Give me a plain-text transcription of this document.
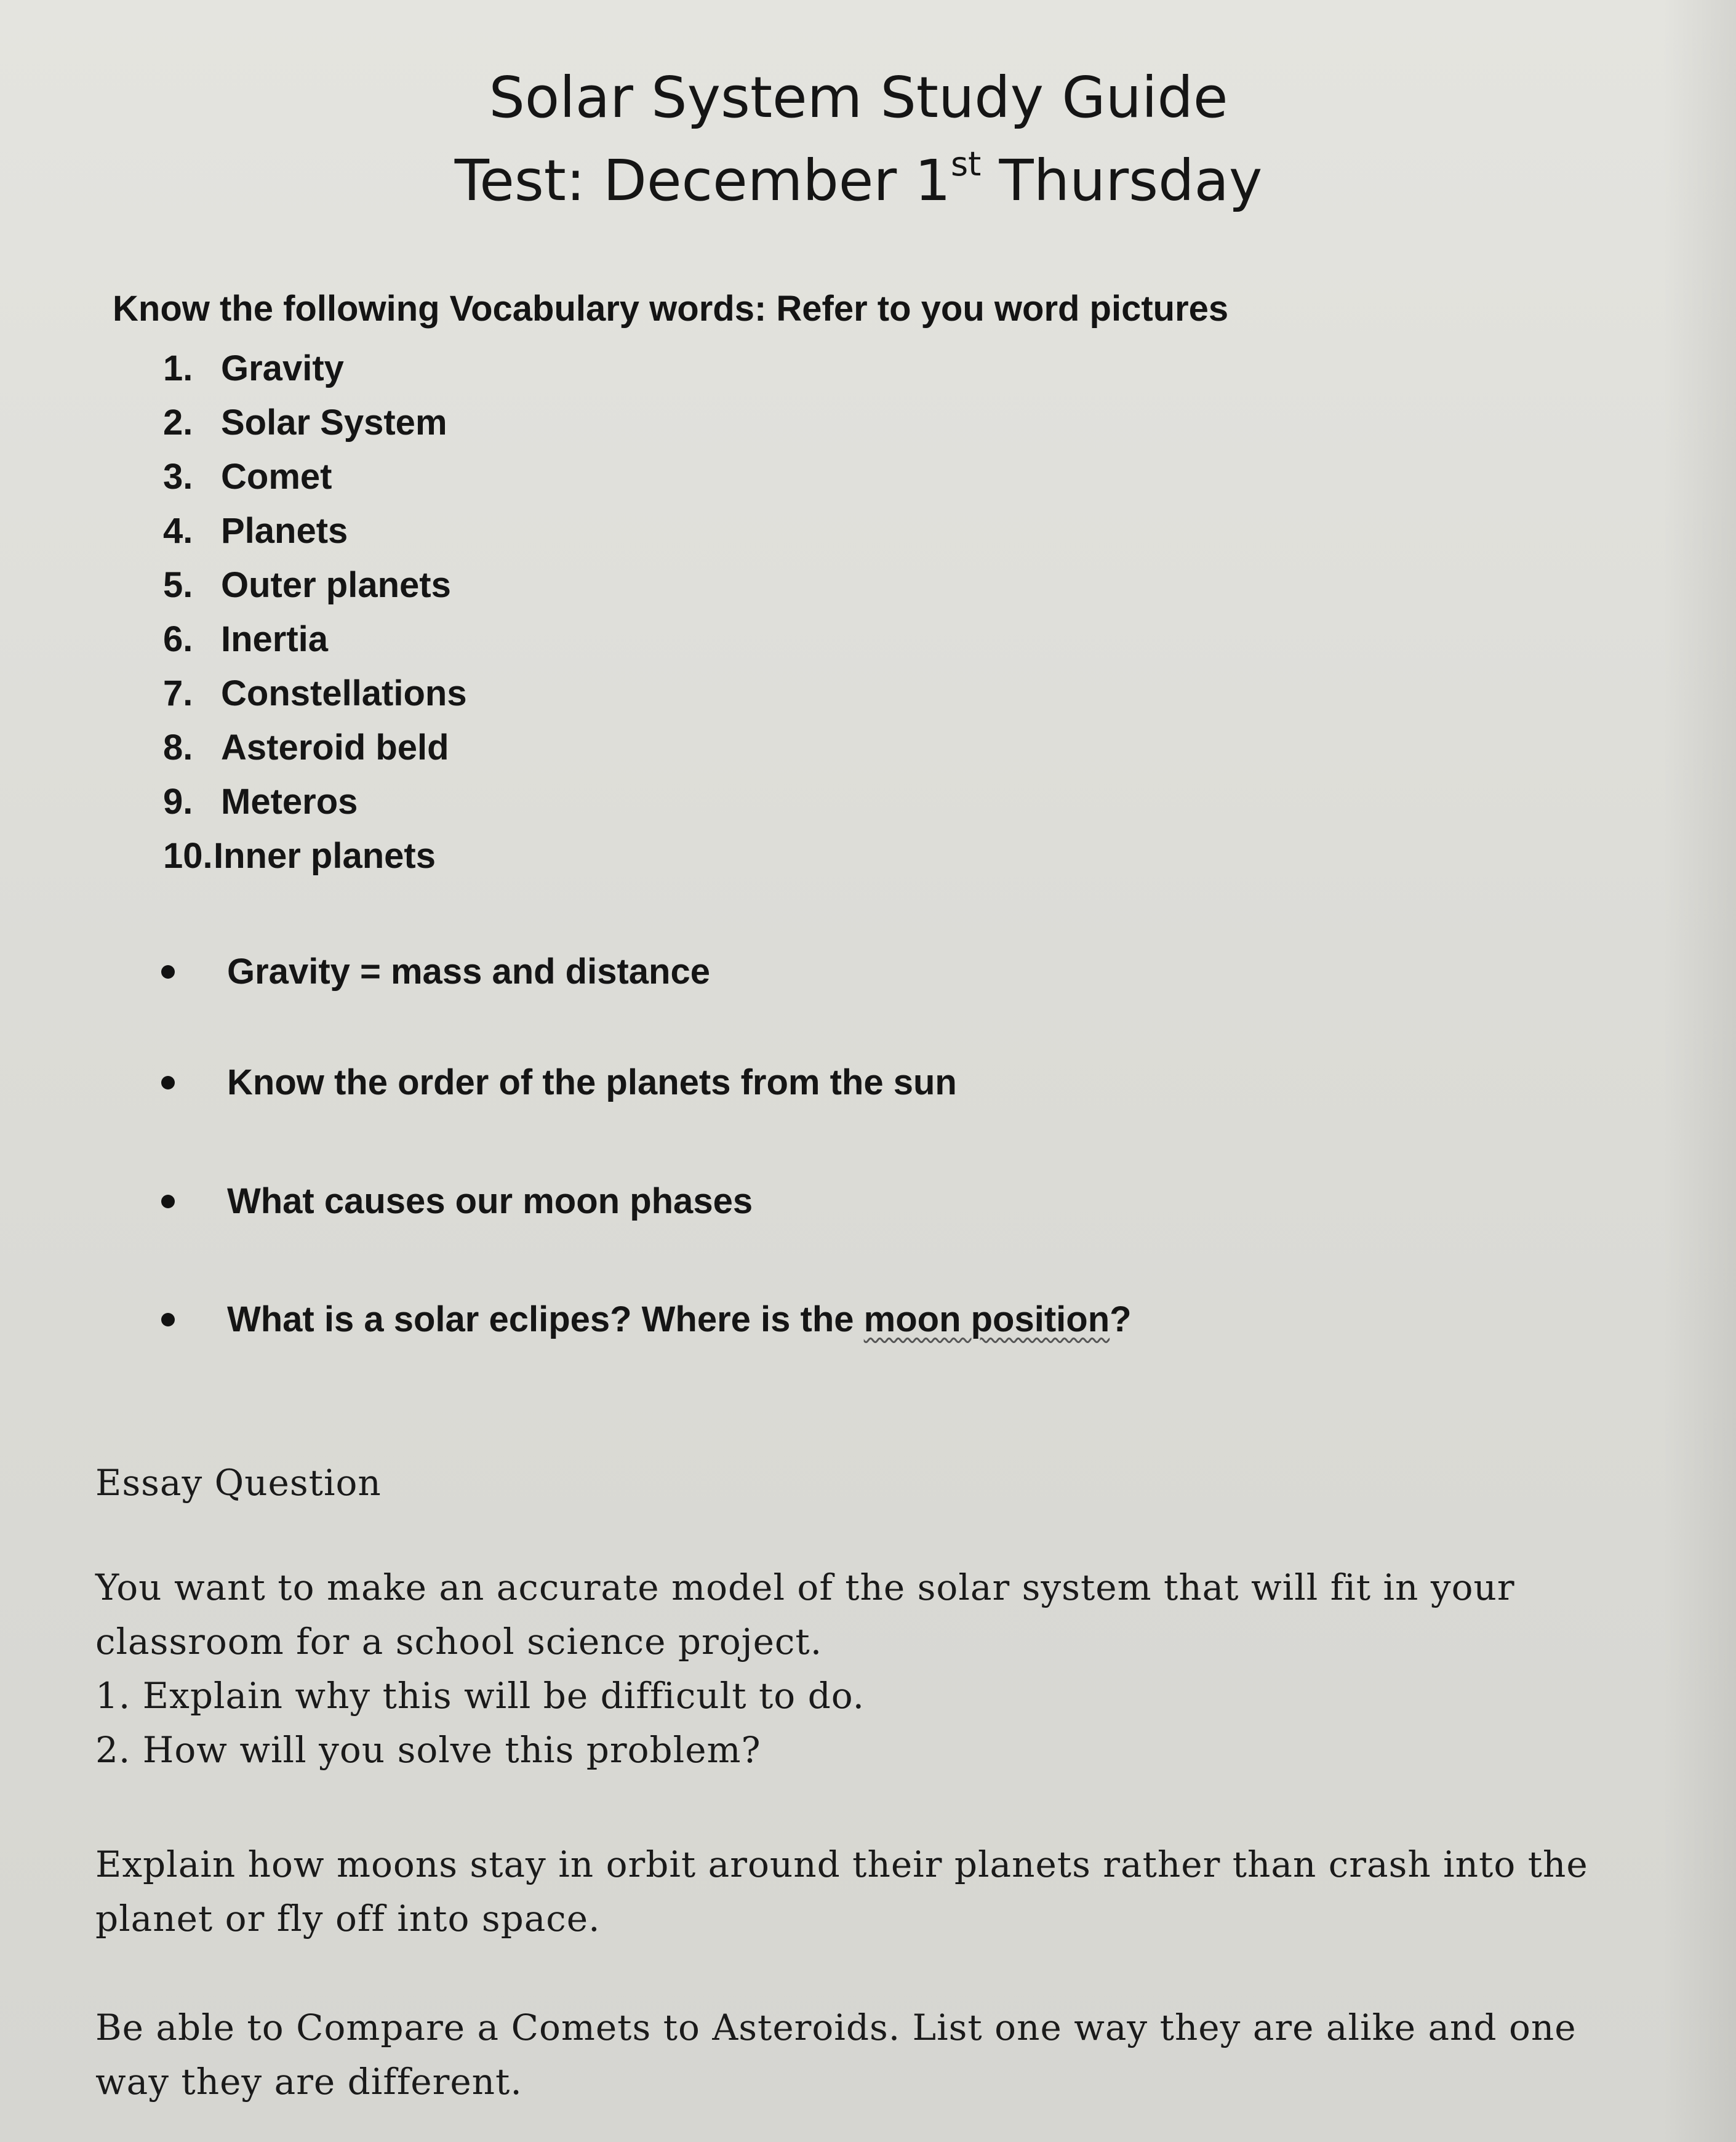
Solar System Study Guide
Test: December 1st Thursday
Know the following Vocabulary words: Refer to you word pictures
1. Gravity
2. Solar System
3. Comet
4. Planets
5. Outer planets
6. Inertia
7. Constellations
8. Asteroid beld
9. Meteros
10. Inner planets
Gravity = mass and distance
Know the order of the planets from the sun
What causes our moon phases
What is a solar eclipes? Where is the moon position?
Essay Question
You want to make an accurate model of the solar system that will fit in your
classroom for a school science project.
1. Explain why this will be difficult to do.
2. How will you solve this problem?
Explain how moons stay in orbit around their planets rather than crash into the
planet or fly off into space.
Be able to Compare a Comets to Asteroids. List one way they are alike and one
way they are different.
